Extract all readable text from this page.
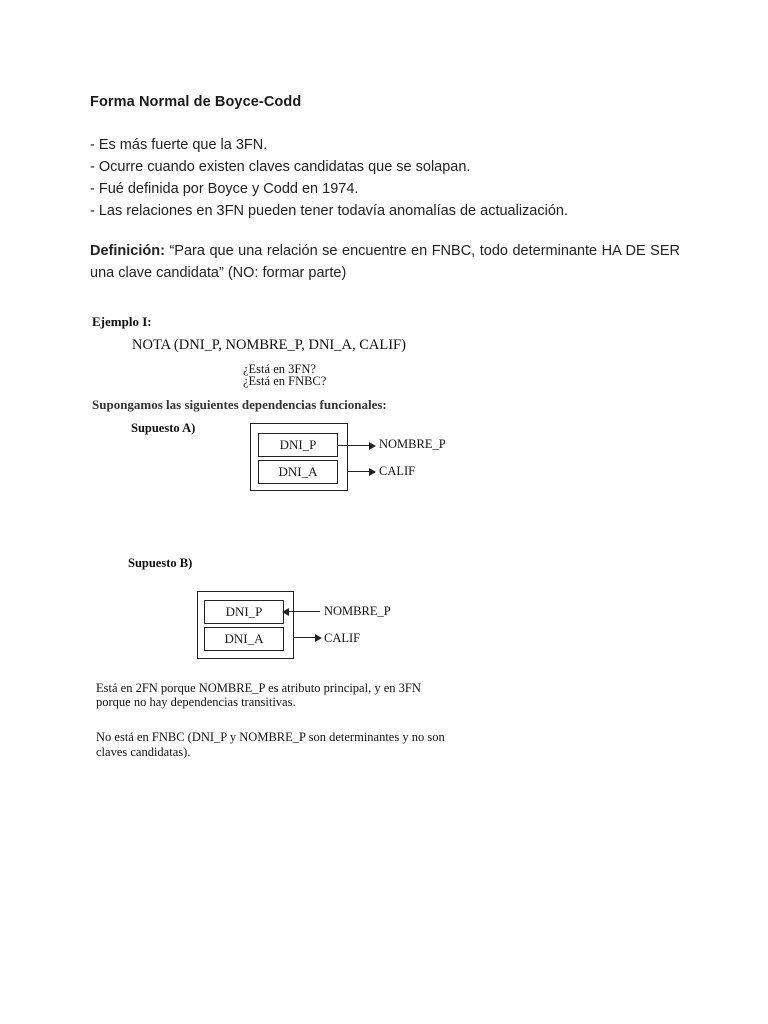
Forma Normal de Boyce-Codd
- Es más fuerte que la 3FN.
- Ocurre cuando existen claves candidatas que se solapan.
- Fué definida por Boyce y Codd en 1974.
- Las relaciones en 3FN pueden tener todavía anomalías de actualización.

Definición: “Para que una relación se encuentre en FNBC, todo determinante HA DE SER una clave candidata” (NO: formar parte)

Ejemplo I:
NOTA (DNI_P, NOMBRE_P, DNI_A, CALIF)
¿Está en 3FN?
¿Está en FNBC?
Supongamos las siguientes dependencias funcionales:
Supuesto A)
DNI_P
DNI_A
NOMBRE_P
CALIF
Supuesto B)
DNI_P
DNI_A
NOMBRE_P
CALIF
Está en 2FN porque NOMBRE_P es atributo principal, y en 3FN
porque no hay dependencias transitivas.
No está en FNBC (DNI_P y NOMBRE_P son determinantes y no son
claves candidatas).
